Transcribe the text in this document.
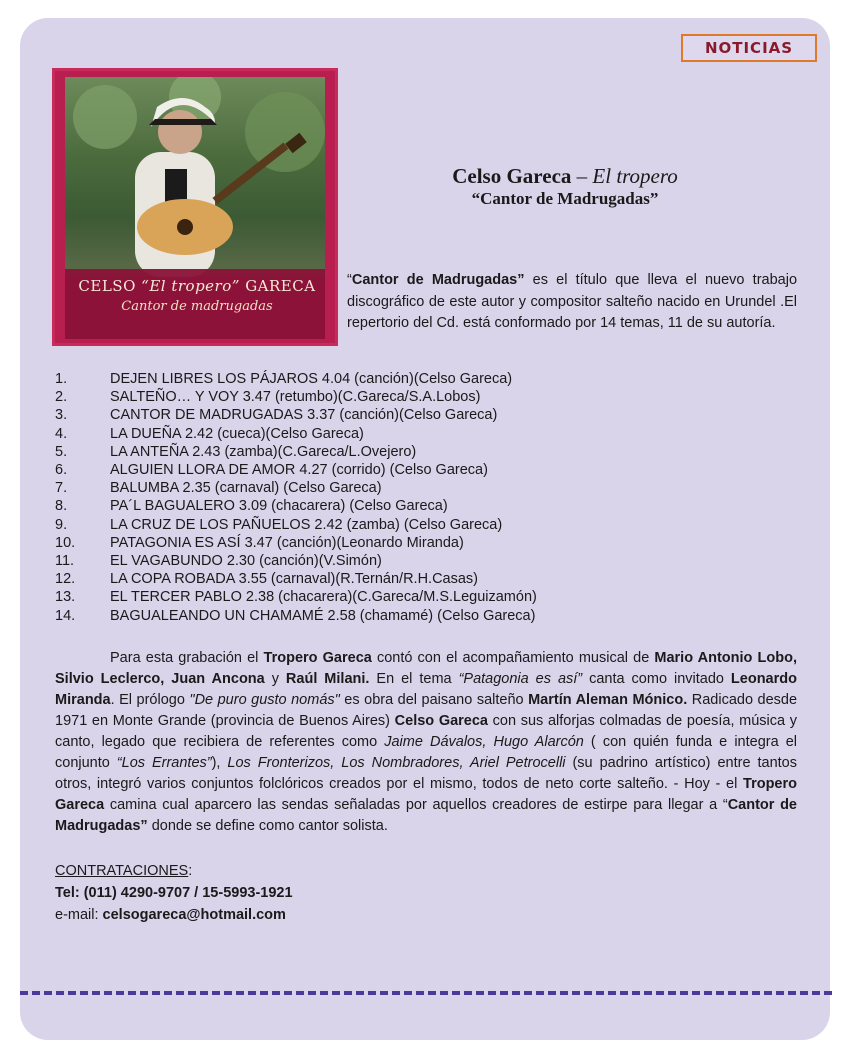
NOTICIAS
CELSO “El tropero” GARECA
Cantor de madrugadas
Celso Gareca – El tropero
“Cantor de Madrugadas”
“Cantor de Madrugadas” es el título que lleva el nuevo trabajo discográfico de este autor y compositor salteño nacido en Urundel .El repertorio del Cd. está conformado por 14 temas, 11 de su autoría.
1.	DEJEN LIBRES LOS PÁJAROS 4.04 (canción)(Celso Gareca)
2.	SALTEÑO… Y VOY 3.47 (retumbo)(C.Gareca/S.A.Lobos)
3.	CANTOR DE MADRUGADAS 3.37 (canción)(Celso Gareca)
4.	LA DUEÑA 2.42 (cueca)(Celso Gareca)
5.	LA ANTEÑA 2.43 (zamba)(C.Gareca/L.Ovejero)
6.	ALGUIEN LLORA DE AMOR 4.27 (corrido) (Celso Gareca)
7.	BALUMBA 2.35 (carnaval) (Celso Gareca)
8.	PA´L BAGUALERO 3.09 (chacarera) (Celso Gareca)
9.	LA CRUZ DE LOS PAÑUELOS 2.42 (zamba) (Celso Gareca)
10.	PATAGONIA ES ASÍ 3.47 (canción)(Leonardo Miranda)
11.	EL VAGABUNDO 2.30 (canción)(V.Simón)
12.	LA COPA ROBADA 3.55 (carnaval)(R.Ternán/R.H.Casas)
13.	EL TERCER PABLO 2.38 (chacarera)(C.Gareca/M.S.Leguizamón)
14.	BAGUALEANDO UN CHAMAMÉ 2.58 (chamamé) (Celso Gareca)
Para esta grabación el Tropero Gareca contó con el acompañamiento musical de Mario Antonio Lobo, Silvio Leclerco, Juan Ancona y Raúl Milani. En el tema “Patagonia es así” canta como invitado Leonardo Miranda. El prólogo "De puro gusto nomás" es obra del paisano salteño Martín Aleman Mónico. Radicado desde 1971 en Monte Grande (provincia de Buenos Aires) Celso Gareca con sus alforjas colmadas de poesía, música y canto, legado que recibiera de referentes como Jaime Dávalos, Hugo Alarcón ( con quién funda e integra el conjunto “Los Errantes”), Los Fronterizos, Los Nombradores, Ariel Petrocelli (su padrino artístico) entre tantos otros, integró varios conjuntos folclóricos creados por el mismo, todos de neto corte salteño. - Hoy - el Tropero Gareca camina cual aparcero las sendas señaladas por aquellos creadores de estirpe para llegar a “Cantor de Madrugadas” donde se define como cantor solista.
CONTRATACIONES:
Tel: (011) 4290-9707 / 15-5993-1921
e-mail: celsogareca@hotmail.com
